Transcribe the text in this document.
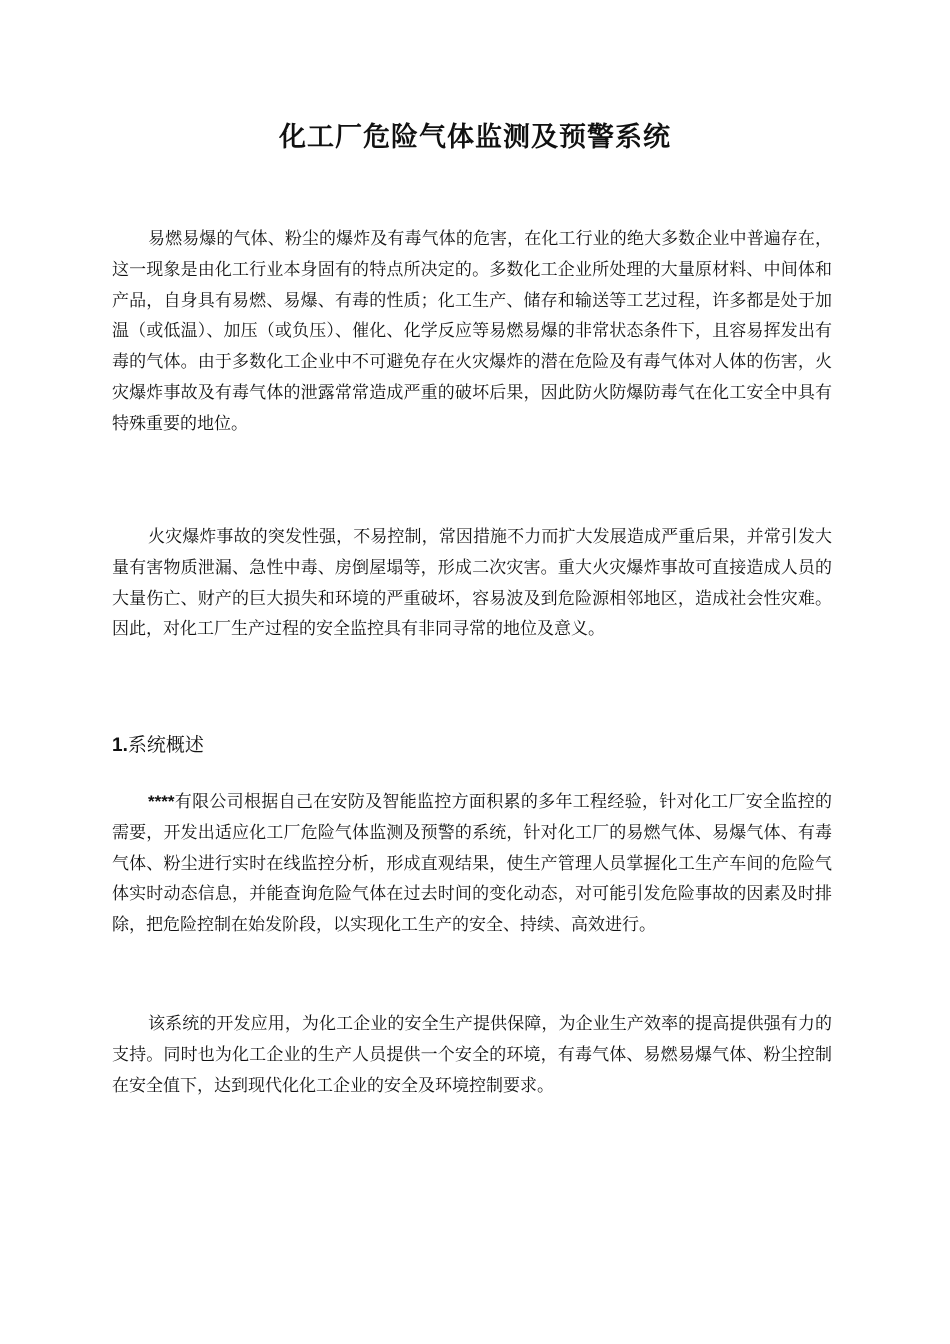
化工厂危险气体监测及预警系统

易燃易爆的气体、粉尘的爆炸及有毒气体的危害，在化工行业的绝大多数企业中普遍存在，这一现象是由化工行业本身固有的特点所决定的。多数化工企业所处理的大量原材料、中间体和产品，自身具有易燃、易爆、有毒的性质；化工生产、储存和输送等工艺过程，许多都是处于加温（或低温）、加压（或负压）、催化、化学反应等易燃易爆的非常状态条件下，且容易挥发出有毒的气体。由于多数化工企业中不可避免存在火灾爆炸的潜在危险及有毒气体对人体的伤害，火灾爆炸事故及有毒气体的泄露常常造成严重的破坏后果，因此防火防爆防毒气在化工安全中具有特殊重要的地位。

火灾爆炸事故的突发性强，不易控制，常因措施不力而扩大发展造成严重后果，并常引发大量有害物质泄漏、急性中毒、房倒屋塌等，形成二次灾害。重大火灾爆炸事故可直接造成人员的大量伤亡、财产的巨大损失和环境的严重破坏，容易波及到危险源相邻地区，造成社会性灾难。因此，对化工厂生产过程的安全监控具有非同寻常的地位及意义。

1.系统概述

****有限公司根据自己在安防及智能监控方面积累的多年工程经验，针对化工厂安全监控的需要，开发出适应化工厂危险气体监测及预警的系统，针对化工厂的易燃气体、易爆气体、有毒气体、粉尘进行实时在线监控分析，形成直观结果，使生产管理人员掌握化工生产车间的危险气体实时动态信息，并能查询危险气体在过去时间的变化动态，对可能引发危险事故的因素及时排除，把危险控制在始发阶段，以实现化工生产的安全、持续、高效进行。

该系统的开发应用，为化工企业的安全生产提供保障，为企业生产效率的提高提供强有力的支持。同时也为化工企业的生产人员提供一个安全的环境，有毒气体、易燃易爆气体、粉尘控制在安全值下，达到现代化化工企业的安全及环境控制要求。
